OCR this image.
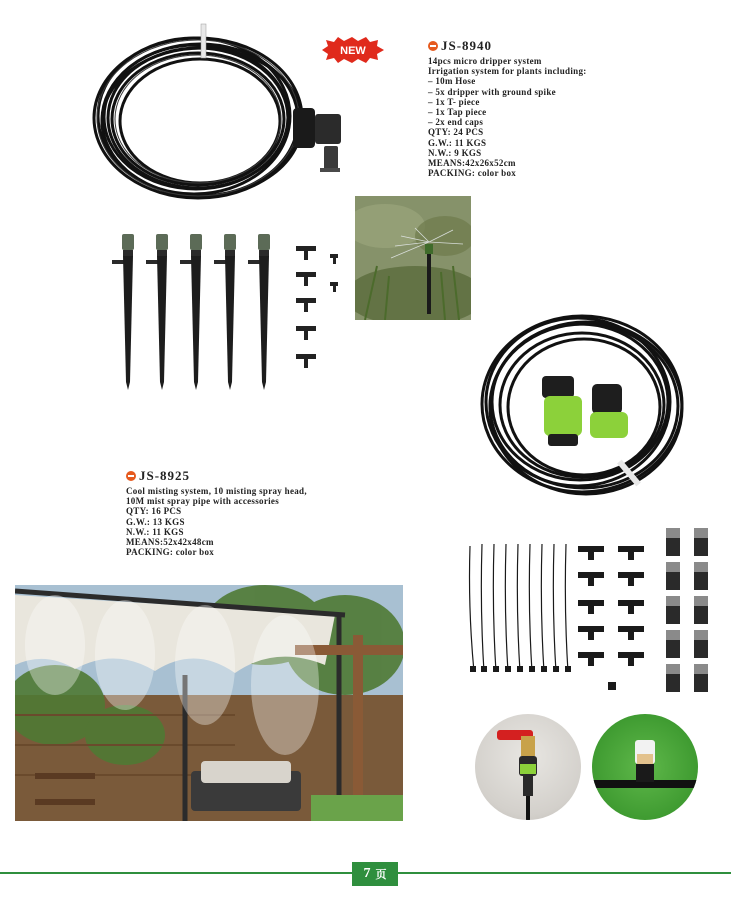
NEW	JS-8940
14pcs micro dripper system
Irrigation system for plants including:
– 10m Hose
– 5x dripper with ground spike
– 1x T- piece
– 1x Tap piece
– 2x end caps
QTY: 24 PCS
G.W.: 11 KGS
N.W.: 9 KGS
MEANS:42x26x52cm
PACKING: color box
JS-8925
Cool misting system, 10 misting spray head,
10M mist spray pipe with accessories
QTY: 16 PCS
G.W.: 13 KGS
N.W.: 11 KGS
MEANS:52x42x48cm
PACKING: color box
7 页
